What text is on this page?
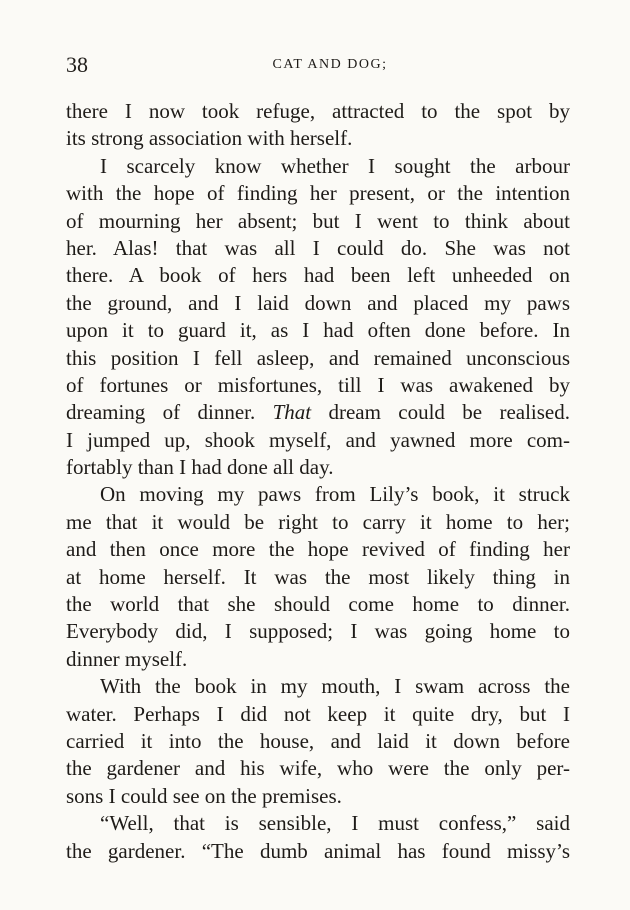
38	CAT AND DOG;
there I now took refuge, attracted to the spot by
its strong association with herself.
I scarcely know whether I sought the arbour
with the hope of finding her present, or the intention
of mourning her absent; but I went to think about
her. Alas! that was all I could do. She was not
there. A book of hers had been left unheeded on
the ground, and I laid down and placed my paws
upon it to guard it, as I had often done before. In
this position I fell asleep, and remained unconscious
of fortunes or misfortunes, till I was awakened by
dreaming of dinner. That dream could be realised.
I jumped up, shook myself, and yawned more com-
fortably than I had done all day.
On moving my paws from Lily’s book, it struck
me that it would be right to carry it home to her;
and then once more the hope revived of finding her
at home herself. It was the most likely thing in
the world that she should come home to dinner.
Everybody did, I supposed; I was going home to
dinner myself.
With the book in my mouth, I swam across the
water. Perhaps I did not keep it quite dry, but I
carried it into the house, and laid it down before
the gardener and his wife, who were the only per-
sons I could see on the premises.
“Well, that is sensible, I must confess,” said
the gardener. “The dumb animal has found missy’s
